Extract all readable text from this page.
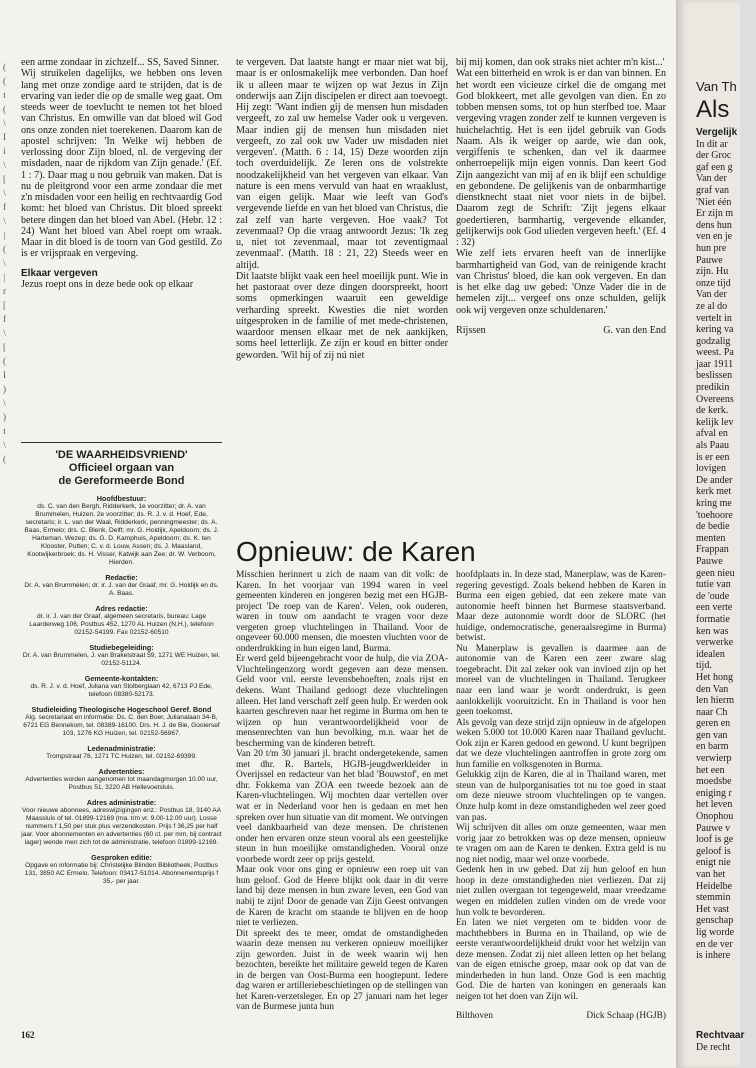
(
(
t
(
\
I
i
\
[
\
f
\
|
(
\
|
r
[
f
\
[
(
I
)
\
)
t
\
(

een arme zondaar in zichzelf... SS, Saved Sinner.

Wij struikelen dagelijks, we hebben ons leven lang met onze zondige aard te strijden, dat is de ervaring van ieder die op de smalle weg gaat. Om steeds weer de toevlucht te nemen tot het bloed van Christus. En omwille van dat bloed wil God ons onze zonden niet toerekenen. Daarom kan de apostel schrijven: 'In Welke wij hebben de verlossing door Zijn bloed, nl. de vergeving der misdaden, naar de rijkdom van Zijn genade.' (Ef. 1 : 7). Daar mag u nou gebruik van maken. Dat is nu de pleitgrond voor een arme zondaar die met z'n misdaden voor een heilig en rechtvaardig God komt: het bloed van Christus. Dit bloed spreekt betere dingen dan het bloed van Abel. (Hebr. 12 : 24) Want het bloed van Abel roept om wraak. Maar in dit bloed is de toorn van God gestild. Zo is er vrijspraak en vergeving.

Elkaar vergeven

Jezus roept ons in deze bede ook op elkaar

te vergeven. Dat laatste hangt er maar niet wat bij, maar is er onlosmakelijk mee verbonden. Dan hoef ik u alleen maar te wijzen op wat Jezus in Zijn onderwijs aan Zijn discipelen er direct aan toevoegt. Hij zegt: 'Want indien gij de mensen hun misdaden vergeeft, zo zal uw hemelse Vader ook u vergeven. Maar indien gij de mensen hun misdaden niet vergeeft, zo zal ook uw Vader uw misdaden niet vergeven'. (Matth. 6 : 14, 15) Deze woorden zijn toch overduidelijk. Ze leren ons de volstrekte noodzakelijkheid van het vergeven van elkaar. Van nature is een mens vervuld van haat en wraaklust, van eigen gelijk. Maar wie leeft van God's vergevende liefde en van het bloed van Christus, die zal zelf van harte vergeven. Hoe vaak? Tot zevenmaal? Op die vraag antwoordt Jezus: 'Ik zeg u, niet tot zevenmaal, maar tot zeventigmaal zevenmaal'. (Matth. 18 : 21, 22) Steeds weer en altijd.

Dit laatste blijkt vaak een heel moeilijk punt. Wie in het pastoraat over deze dingen doorspreekt, hoort soms opmerkingen waaruit een geweldige verharding spreekt. Kwesties die niet worden uitgesproken in de familie of met mede-christenen, waardoor mensen elkaar met de nek aankijken, soms heel letterlijk. Ze zijn er koud en bitter onder geworden. 'Wil hij of zij nú niet

bij mij komen, dan ook straks niet achter m'n kist...'

Wat een bitterheid en wrok is er dan van binnen. En het wordt een vicieuze cirkel die de omgang met God blokkeert, met alle gevolgen van dien. En zo tobben mensen soms, tot op hun sterfbed toe. Maar vergeving vragen zonder zelf te kunnen vergeven is huichelachtig. Het is een ijdel gebruik van Gods Naam. Als ik weiger op aarde, wie dan ook, vergiffenis te schenken, dan vel ik daarmee onherroepelijk mijn eigen vonnis. Dan keert God Zijn aangezicht van mij af en ik blijf een schuldige en gebondene. De gelijkenis van de onbarmhartige dienstknecht staat niet voor niets in de bijbel. Daarom zegt de Schrift: 'Zijt jegens elkaar goedertieren, barmhartig, vergevende elkander, gelijkerwijs ook God ulieden vergeven heeft.' (Ef. 4 : 32)

Wie zelf iets ervaren heeft van de innerlijke barmhartigheid van God, van de reinigende kracht van Christus' bloed, die kan ook vergeven. En dan is het elke dag uw gebed: 'Onze Vader die in de hemelen zijt... vergeef ons onze schulden, gelijk ook wij vergeven onze schuldenaren.'

Rijssen	G. van den End

'DE WAARHEIDSVRIEND'
Officieel orgaan van
de Gereformeerde Bond
Hoofdbestuur:
ds. C. van den Bergh, Ridderkerk, 1e voorzitter; dr. A. van Brummelen, Huizen, 2e voorzitter; ds. R. J. v. d. Hoef, Ede, secretaris; ir. L. van der Waal, Ridderkerk, penningmeester; ds. A. Baas, Ermelo; drs. C. Blenk, Delft; mr. G. Holdijk, Apeldoorn; ds. J. Harteman, Wezep; ds. G. D. Kamphuis, Apeldoorn; ds. K. ten Klooster, Putten; C. v. d. Louw, Assen; ds. J. Maasland, Kootwijkerbroek; ds. H. Visser, Katwijk aan Zee; dr. W. Verboom, Hierden.
Redactie:
Dr. A. van Brummelen; dr. ir. J. van der Graaf, mr. G. Holdijk en ds. A. Baas.
Adres redactie:
dr. ir. J. van der Graaf, algemeen secretaris, bureau: Lage Laarderweg 106, Postbus 452, 1270 AL Huizen (N.H.), telefoon 02152-54199. Fax 02152-60510
Studiebegeleiding:
Dr. A. van Brummelen, J. van Brakelstraat 59, 1271 WE Huizen, tel. 02152-51124.
Gemeente-kontakten:
ds. R. J. v. d. Hoef, Juliana van Stolberglaan 42, 6713 PJ Ede, telefoon 08380-52173.
Studieleiding Theologische Hogeschool Geref. Bond
Alg. secretariaat en informatie: Ds. C. den Boer, Julianalaan 34-B, 6721 EG Bennekom, tel. 08389-16100. Drs. H. J. de Bie, Gooiersef 103, 1276 KG Huizen, tel. 02152-56967.
Ledenadministratie:
Trompstraat 78, 1271 TC Huizen, tel. 02152-69399.
Advertenties:
Advertenties worden aangenomen tot maandagmorgen 10.00 uur, Postbus 51, 3220 AB Hellevoetsluis.
Adres administratie:
Voor nieuwe abonnees, adreswijzigingen enz.: Postbus 18, 3140 AA Maassluis of tel. 01899-12169 (ma. t/m vr. 9.00-12.00 uur). Losse nummers f 1,50 per stuk plus verzendkosten. Prijs f 36,25 per half jaar. Voor abonnementen en advertenties (60 ct. per mm, bij contract lager) wende men zich tot de administratie, telefoon 01899-12169.
Gesproken editie:
Opgave en informatie bij: Christelijke Blinden Bibliotheek, Postbus 131, 3850 AC Ermelo. Telefoon: 03417-51014. Abonnementsprijs f 35,- per jaar.
Opnieuw: de Karen

Misschien herinnert u zich de naam van dit volk: de Karen. In het voorjaar van 1994 waren in veel gemeenten kinderen en jongeren bezig met een HGJB-project 'De roep van de Karen'. Velen, ook ouderen, waren in touw om aandacht te vragen voor deze vergeten groep vluchtelingen in Thailand. Voor de ongeveer 60.000 mensen, die moesten vluchten voor de onderdrukking in hun eigen land, Burma.

Er werd geld bijeengebracht voor de hulp, die via ZOA-Vluchtelingenzorg wordt gegeven aan deze mensen. Geld voor vnl. eerste levensbehoeften, zoals rijst en dekens. Want Thailand gedoogt deze vluchtelingen alleen. Het land verschaft zelf geen hulp. Er werden ook kaarten geschreven naar het regime in Burma om hen te wijzen op hun verantwoordelijkheid voor de mensenrechten van hun bevolking, m.n. waar het de bescherming van de kinderen betreft.

Van 20 t/m 30 januari jl. bracht ondergetekende, samen met dhr. R. Bartels, HGJB-jeugdwerkleider in Overijssel en redacteur van het blad 'Bouwstof', en met dhr. Fokkema van ZOA een tweede bezoek aan de Karen-vluchtelingen. Wij mochten daar vertellen over wat er in Nederland voor hen is gedaan en met hen spreken over hun situatie van dit moment. We ontvingen veel dankbaarheid van deze mensen. De christenen onder hen ervaren onze steun vooral als een geestelijke steun in hun moeilijke omstandigheden. Vooral onze voorbede wordt zeer op prijs gesteld.

Maar ook voor ons ging er opnieuw een roep uit van hun geloof. God de Heere blijkt ook daar in dit verre land bij deze mensen in hun zware leven, een God van nabij te zijn! Door de genade van Zijn Geest ontvangen de Karen de kracht om staande te blijven en de hoop niet te verliezen.

Dit spreekt des te meer, omdat de omstandigheden waarin deze mensen nu verkeren opnieuw moeilijker zijn geworden. Juist in de week waarin wij hen bezochten, bereikte het militaire geweld tegen de Karen in de bergen van Oost-Burma een hoogtepunt. Iedere dag waren er artilleriebeschietingen op de stellingen van het Karen-verzetsleger. En op 27 januari nam het leger van de Burmese junta hun

hoofdplaats in. In deze stad, Manerplaw, was de Karen-regering gevestigd. Zoals bekend hebben de Karen in Burma een eigen gebied, dat een zekere mate van autonomie heeft binnen het Burmese staatsverband. Maar deze autonomie wordt door de SLORC (het huidige, ondemocratische, generaalsregime in Burma) betwist.

Nu Manerplaw is gevallen is daarmee aan de autonomie van de Karen een zeer zware slag toegebracht. Dit zal zeker ook van invloed zijn op het moreel van de vluchtelingen in Thailand. Terugkeer naar een land waar je wordt onderdrukt, is geen aanlokkelijk vooruitzicht. En in Thailand is voor hen geen toekomst.

Als gevolg van deze strijd zijn opnieuw in de afgelopen weken 5.000 tot 10.000 Karen naar Thailand gevlucht. Ook zijn er Karen gedood en gewond. U kunt begrijpen dat we deze vluchtelingen aantroffen in grote zorg om hun familie en volksgenoten in Burma.

Gelukkig zijn de Karen, die al in Thailand waren, met steun van de hulporganisaties tot nu toe goed in staat om deze nieuwe stroom vluchtelingen op te vangen. Onze hulp komt in deze omstandigheden wel zeer goed van pas.

Wij schrijven dit alles om onze gemeenten, waar men vorig jaar zo betrokken was op deze mensen, opnieuw te vragen om aan de Karen te denken. Extra geld is nu nog niet nodig, maar wel onze voorbede.

Gedenk hen in uw gebed. Dat zij hun geloof en hun hoop in deze omstandigheden niet verliezen. Dat zij niet zullen overgaan tot tegengeweld, maar vreedzame wegen en middelen zullen vinden om de vrede voor hun volk te bevorderen.

En laten we niet vergeten om te bidden voor de machthebbers in Burma en in Thailand, op wie de eerste verantwoordelijkheid drukt voor het welzijn van deze mensen. Zodat zij niet alleen letten op het belang van de eigen etnische groep, maar ook op dat van de minderheden in hun land. Onze God is een machtig God. Die de harten van koningen en generaals kan neigen tot het doen van Zijn wil.

Bilthoven	Dick Schaap (HGJB)

162
Van Th
Als
Vergelijk
In dit ar
der Groc
gaf een g
Van der
graf van
'Niet één
Er zijn m
dens hun
ven en je
hun pre
Pauwe
zijn. Hu
onze tijd
Van der
ze al do
vertelt in
kering va
godzalig
weest. Pa
jaar 1911
beslissen
predikin
Overeens
de kerk.
kelijk lev
afval en
als Paau
is er een
lovigen
De ander
kerk met
kring me
'toehoore
de bedie
menten
Frappan
Pauwe
geen nieu
tutie van
de 'oude
een verte
formatie
ken was
verwerke
idealen
tijd.
Het hong
den Van
len hierm
naar Ch
geren en
gen van
en barm
verwierp
het een
moedsbe
eniging r
het leven
Onophou
Pauwe v
loof is ge
geloof is
enigt nie
van het
Heidelbe
stemmin
Het vast
genschap
lig worde
en de ver
is inhere
Rechtvaar
De recht
